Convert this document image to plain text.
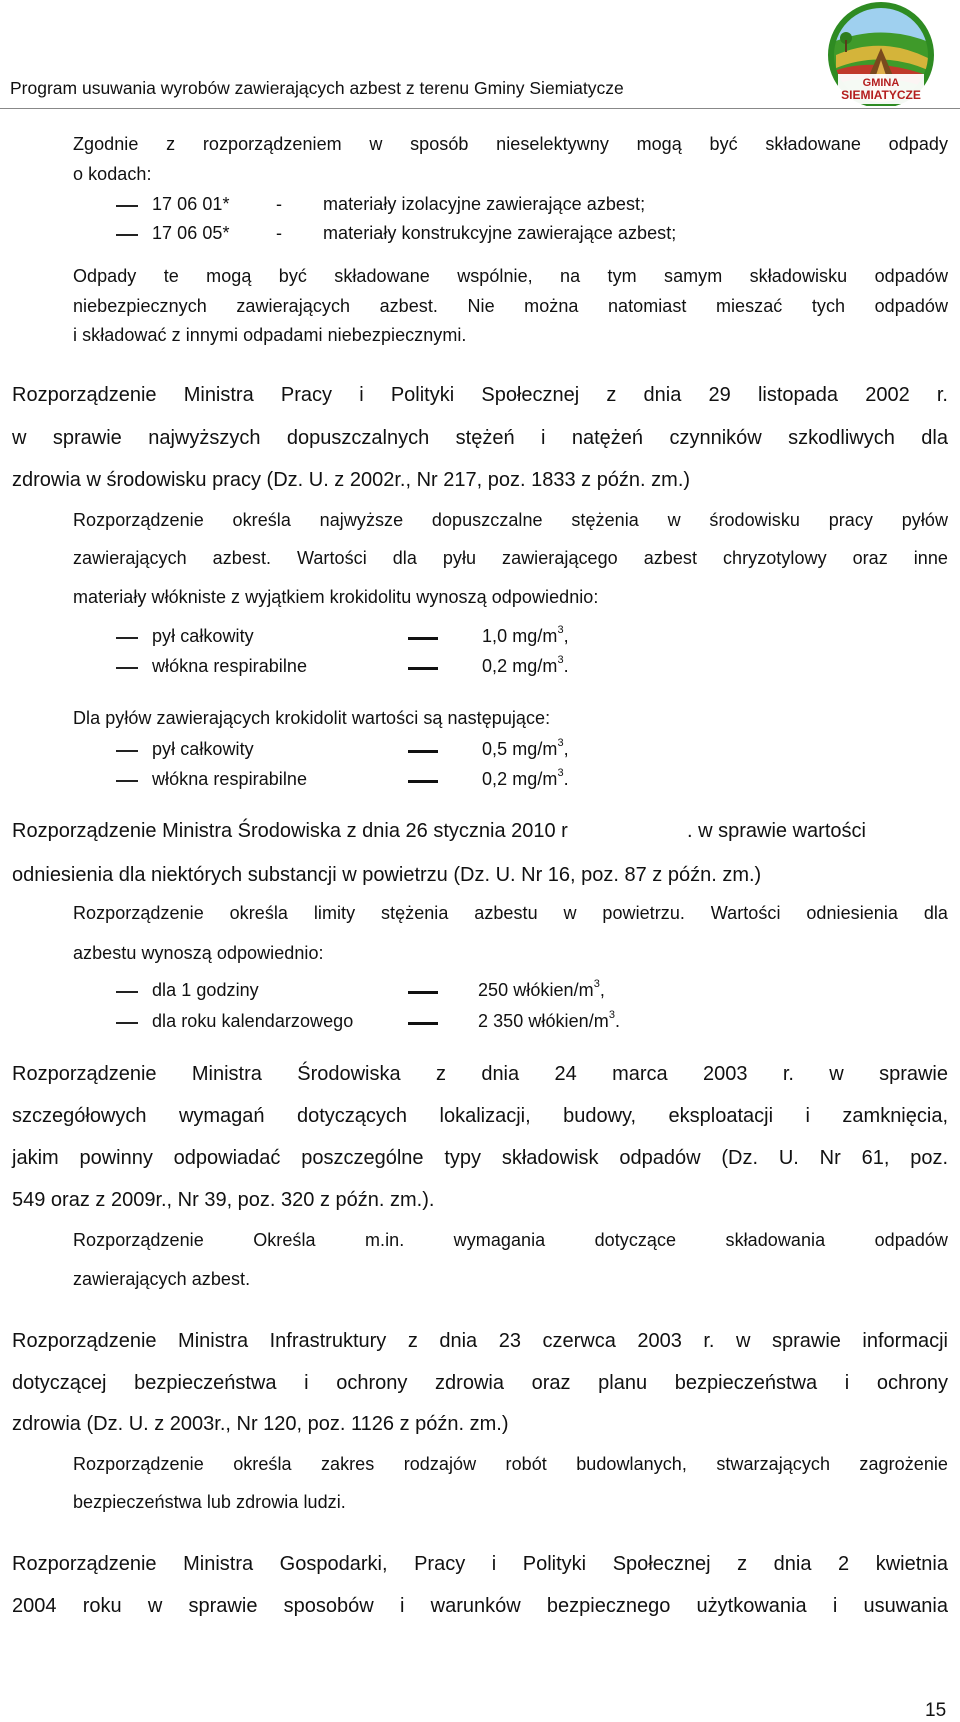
Program usuwania wyrobów zawierających azbest z terenu Gminy Siemiatycze	GMINA
SIEMIATYCZE
Zgodnie z rozporządzeniem w sposób nieselektywny mogą być składowane odpady
o kodach:
17 06 01*	- materiały izolacyjne zawierające azbest;
17 06 05*	- materiały konstrukcyjne zawierające azbest;
Odpady te mogą być składowane wspólnie, na tym samym składowisku odpadów
niebezpiecznych zawierających azbest. Nie można natomiast mieszać tych odpadów
i składować z innymi odpadami niebezpiecznymi.
Rozporządzenie Ministra Pracy i Polityki Społecznej z dnia 29 listopada 2002 r.
w sprawie najwyższych dopuszczalnych stężeń i natężeń czynników szkodliwych dla
zdrowia w środowisku pracy (Dz. U. z 2002r., Nr 217, poz. 1833 z późn. zm.)
Rozporządzenie określa najwyższe dopuszczalne stężenia w środowisku pracy pyłów
zawierających azbest. Wartości dla pyłu zawierającego azbest chryzotylowy oraz inne
materiały włókniste z wyjątkiem krokidolitu wynoszą odpowiednio:
pył całkowity	1,0 $mg/m^3$,
włókna respirabilne	0,2 $mg/m^3$.
Dla pyłów zawierających krokidolit wartości są następujące:
pył całkowity	0,5 $mg/m^3$,
włókna respirabilne	0,2 $mg/m^3$.
Rozporządzenie Ministra Środowiska z dnia 26 stycznia 2010 r	. w sprawie wartości
odniesienia dla niektórych substancji w powietrzu (Dz. U. Nr 16, poz. 87 z późn. zm.)
Rozporządzenie określa limity stężenia azbestu w powietrzu. Wartości odniesienia dla
azbestu wynoszą odpowiednio:
dla 1 godziny	250 włókien/$m^3$,
dla roku kalendarzowego	2 350 włókien/$m^3$.
Rozporządzenie Ministra Środowiska z dnia 24 marca 2003 r. w sprawie
szczegółowych wymagań dotyczących lokalizacji, budowy, eksploatacji i zamknięcia,
jakim powinny odpowiadać poszczególne typy składowisk odpadów (Dz. U. Nr 61, poz.
549 oraz z 2009r., Nr 39, poz. 320 z późn. zm.).
Rozporządzenie Określa m.in. wymagania dotyczące składowania odpadów
zawierających azbest.
Rozporządzenie Ministra Infrastruktury z dnia 23 czerwca 2003 r. w sprawie informacji
dotyczącej bezpieczeństwa i ochrony zdrowia oraz planu bezpieczeństwa i ochrony
zdrowia (Dz. U. z 2003r., Nr 120, poz. 1126 z późn. zm.)
Rozporządzenie określa zakres rodzajów robót budowlanych, stwarzających zagrożenie
bezpieczeństwa lub zdrowia ludzi.
Rozporządzenie Ministra Gospodarki, Pracy i Polityki Społecznej z dnia 2 kwietnia
2004 roku w sprawie sposobów i warunków bezpiecznego użytkowania i usuwania
15
